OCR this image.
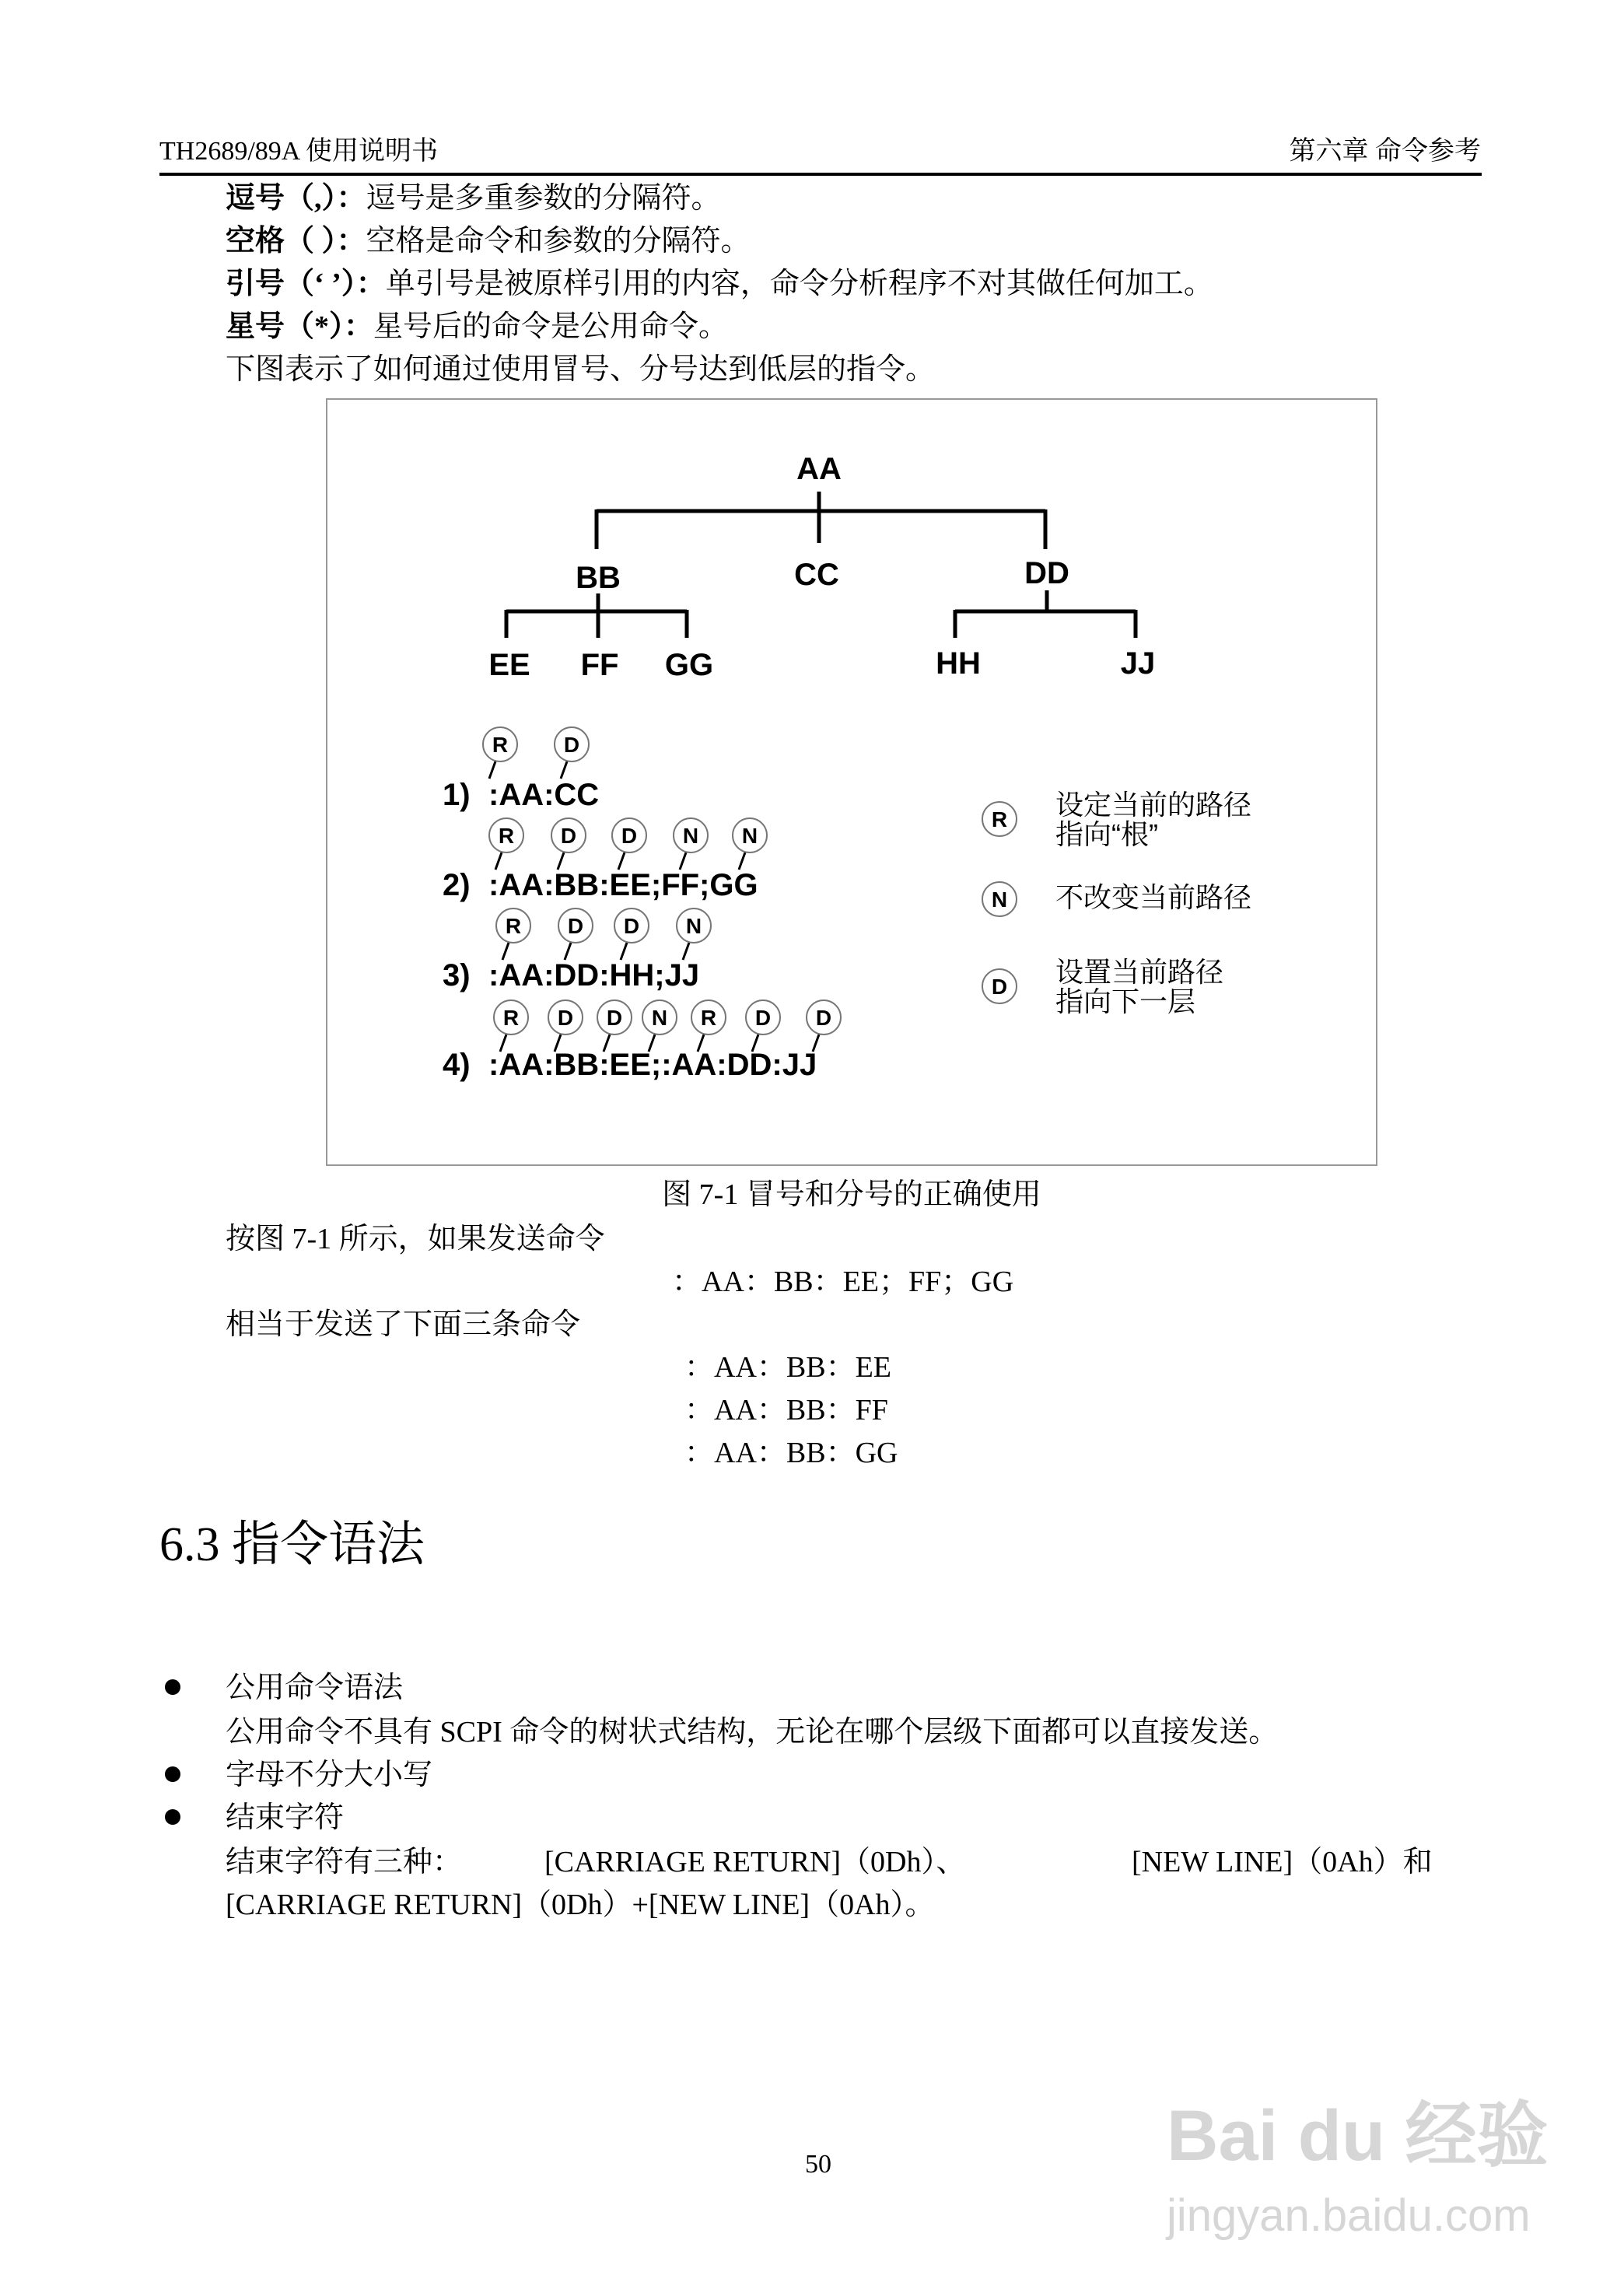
TH2689/89A 使用说明书	第六章 命令参考
逗号（,）：逗号是多重参数的分隔符。
空格（ ）：空格是命令和参数的分隔符。
引号（‘ ’）：单引号是被原样引用的内容，命令分析程序不对其做任何加工。
星号（*）：星号后的命令是公用命令。
下图表示了如何通过使用冒号、分号达到低层的指令。
AA
BB	CC	DD
EE FF GG	HH	JJ
1) :AA:CC
R	D
2) :AA:BB:EE;FF;GG
R D D N N
3) :AA:DD:HH;JJ
R D D N
4) :AA:BB:EE;:AA:DD:JJ
R D D N R D D
R 设定当前的路径
指向“根”
N 不改变当前路径
D 设置当前路径
指向下一层
图 7-1 冒号和分号的正确使用
按图 7-1 所示，如果发送命令
：AA：BB：EE；FF；GG
相当于发送了下面三条命令
：AA：BB：EE
：AA：BB：FF
：AA：BB：GG
6.3 指令语法
公用命令语法
公用命令不具有 SCPI 命令的树状式结构，无论在哪个层级下面都可以直接发送。
字母不分大小写
结束字符
结束字符有三种：	[CARRIAGE RETURN]（0Dh）、	[NEW LINE]（0Ah）和
[CARRIAGE RETURN]（0Dh）+[NEW LINE]（0Ah）。
50	Bai du 经验
jingyan.baidu.com
